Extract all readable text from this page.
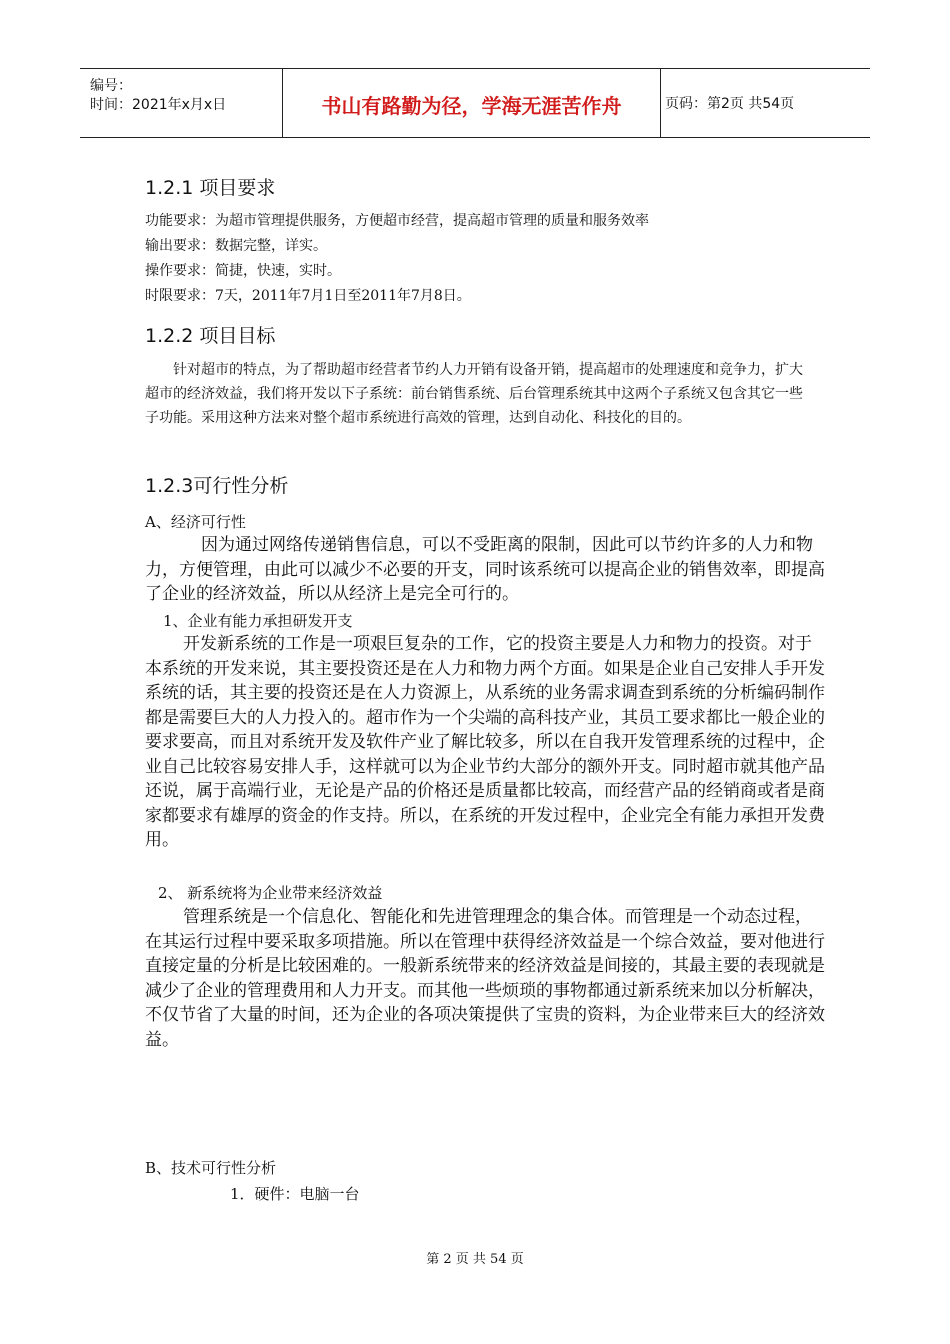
编号：
时间：2021年x月x日	书山有路勤为径，学海无涯苦作舟	页码：第2页 共54页
1.2.1 项目要求
功能要求：为超市管理提供服务，方便超市经营，提高超市管理的质量和服务效率
输出要求：数据完整，详实。
操作要求：简捷，快速，实时。
时限要求：7天，2011年7月1日至2011年7月8日。
1.2.2 项目目标
针对超市的特点，为了帮助超市经营者节约人力开销有设备开销，提高超市的处理速度和竞争力，扩大超市的经济效益，我们将开发以下子系统：前台销售系统、后台管理系统其中这两个子系统又包含其它一些子功能。采用这种方法来对整个超市系统进行高效的管理，达到自动化、科技化的目的。
1.2.3可行性分析
A、经济可行性
因为通过网络传递销售信息，可以不受距离的限制，因此可以节约许多的人力和物力，方便管理，由此可以减少不必要的开支，同时该系统可以提高企业的销售效率，即提高了企业的经济效益，所以从经济上是完全可行的。
1、企业有能力承担研发开支
开发新系统的工作是一项艰巨复杂的工作，它的投资主要是人力和物力的投资。对于本系统的开发来说，其主要投资还是在人力和物力两个方面。如果是企业自己安排人手开发系统的话，其主要的投资还是在人力资源上，从系统的业务需求调查到系统的分析编码制作都是需要巨大的人力投入的。超市作为一个尖端的高科技产业，其员工要求都比一般企业的要求要高，而且对系统开发及软件产业了解比较多，所以在自我开发管理系统的过程中，企业自己比较容易安排人手，这样就可以为企业节约大部分的额外开支。同时超市就其他产品还说，属于高端行业，无论是产品的价格还是质量都比较高，而经营产品的经销商或者是商家都要求有雄厚的资金的作支持。所以，在系统的开发过程中，企业完全有能力承担开发费用。
2、 新系统将为企业带来经济效益
管理系统是一个信息化、智能化和先进管理理念的集合体。而管理是一个动态过程，在其运行过程中要采取多项措施。所以在管理中获得经济效益是一个综合效益，要对他进行直接定量的分析是比较困难的。一般新系统带来的经济效益是间接的，其最主要的表现就是减少了企业的管理费用和人力开支。而其他一些烦琐的事物都通过新系统来加以分析解决，不仅节省了大量的时间，还为企业的各项决策提供了宝贵的资料，为企业带来巨大的经济效益。
B、技术可行性分析
1．硬件：电脑一台
第 2 页 共 54 页
